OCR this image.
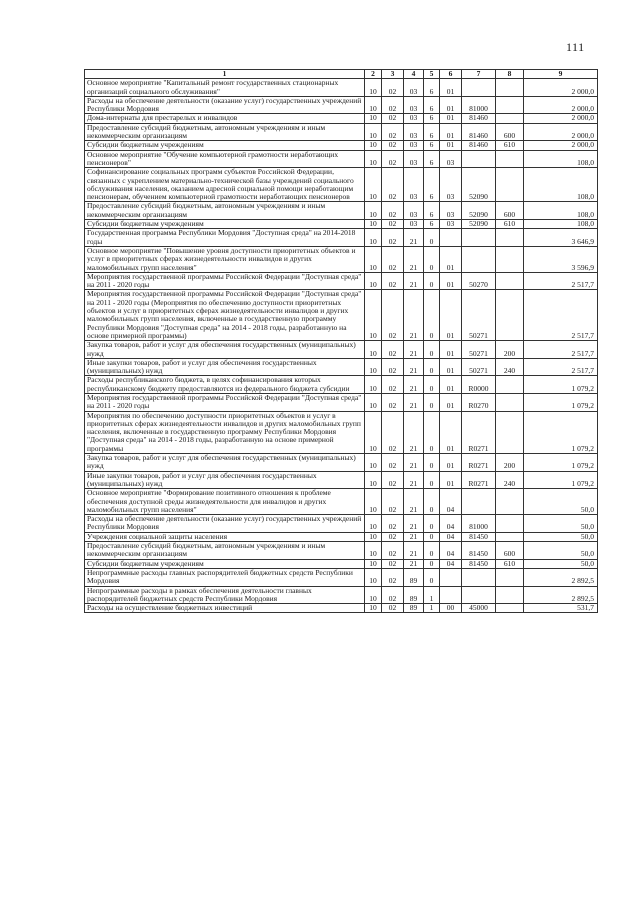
111
1	2	3	4	5	6	7	8	9
Основное мероприятие "Капитальный ремонт государственных стационарных организаций социального обслуживания"	10	02	03	6	01			2 000,0
Расходы на обеспечение деятельности (оказание услуг) государственных учреждений Республики Мордовия	10	02	03	6	01	81000		2 000,0
Дома-интернаты для престарелых и инвалидов	10	02	03	6	01	81460		2 000,0
Предоставление субсидий бюджетным, автономным учреждениям и иным некоммерческим организациям	10	02	03	6	01	81460	600	2 000,0
Субсидии бюджетным учреждениям	10	02	03	6	01	81460	610	2 000,0
Основное мероприятие "Обучение компьютерной грамотности неработающих пенсионеров"	10	02	03	6	03			108,0
Софинансирование социальных программ субъектов Российской Федерации, связанных с укреплением материально-технической базы учреждений социального обслуживания населения, оказанием адресной социальной помощи неработающим пенсионерам, обучением компьютерной грамотности неработающих пенсионеров	10	02	03	6	03	52090		108,0
Предоставление субсидий бюджетным, автономным учреждениям и иным некоммерческим организациям	10	02	03	6	03	52090	600	108,0
Субсидии бюджетным учреждениям	10	02	03	6	03	52090	610	108,0
Государственная программа Республики Мордовия "Доступная среда" на 2014-2018 годы	10	02	21	0				3 646,9
Основное мероприятие "Повышение уровня доступности приоритетных объектов и услуг в приоритетных сферах жизнедеятельности инвалидов и других маломобильных групп населения"	10	02	21	0	01			3 596,9
Мероприятия государственной программы Российской Федерации "Доступная среда" на 2011 - 2020 годы	10	02	21	0	01	50270		2 517,7
Мероприятия государственной программы Российской Федерации "Доступная среда" на 2011 - 2020 годы (Мероприятия по обеспечению доступности приоритетных объектов и услуг в приоритетных сферах жизнедеятельности инвалидов и других маломобильных групп населения, включенные в государственную программу Республики Мордовия "Доступная среда" на 2014 - 2018 годы, разработанную на основе примерной программы)	10	02	21	0	01	50271		2 517,7
Закупка товаров, работ и услуг для обеспечения государственных (муниципальных) нужд	10	02	21	0	01	50271	200	2 517,7
Иные закупки товаров, работ и услуг для обеспечения государственных (муниципальных) нужд	10	02	21	0	01	50271	240	2 517,7
Расходы республиканского бюджета, в целях софинансирования которых республиканскому бюджету предоставляются из федерального бюджета субсидии	10	02	21	0	01	R0000		1 079,2
Мероприятия государственной программы Российской Федерации "Доступная среда" на 2011 - 2020 годы	10	02	21	0	01	R0270		1 079,2
Мероприятия по обеспечению доступности приоритетных объектов и услуг в приоритетных сферах жизнедеятельности инвалидов и других маломобильных групп населения, включенные в государственную программу Республики Мордовия "Доступная среда" на 2014 - 2018 годы, разработанную на основе примерной программы	10	02	21	0	01	R0271		1 079,2
Закупка товаров, работ и услуг для обеспечения государственных (муниципальных) нужд	10	02	21	0	01	R0271	200	1 079,2
Иные закупки товаров, работ и услуг для обеспечения государственных (муниципальных) нужд	10	02	21	0	01	R0271	240	1 079,2
Основное мероприятие "Формирование позитивного отношения к проблеме обеспечения доступной среды жизнедеятельности для инвалидов и других маломобильных групп населения"	10	02	21	0	04			50,0
Расходы на обеспечение деятельности (оказание услуг) государственных учреждений Республики Мордовия	10	02	21	0	04	81000		50,0
Учреждения социальной защиты населения	10	02	21	0	04	81450		50,0
Предоставление субсидий бюджетным, автономным учреждениям и иным некоммерческим организациям	10	02	21	0	04	81450	600	50,0
Субсидии бюджетным учреждениям	10	02	21	0	04	81450	610	50,0
Непрограммные расходы главных распорядителей бюджетных средств Республики Мордовия	10	02	89	0				2 892,5
Непрограммные расходы в рамках обеспечения деятельности главных распорядителей бюджетных средств Республики Мордовия	10	02	89	1				2 892,5
Расходы на осуществление бюджетных инвестиций	10	02	89	1	00	45000		531,7
